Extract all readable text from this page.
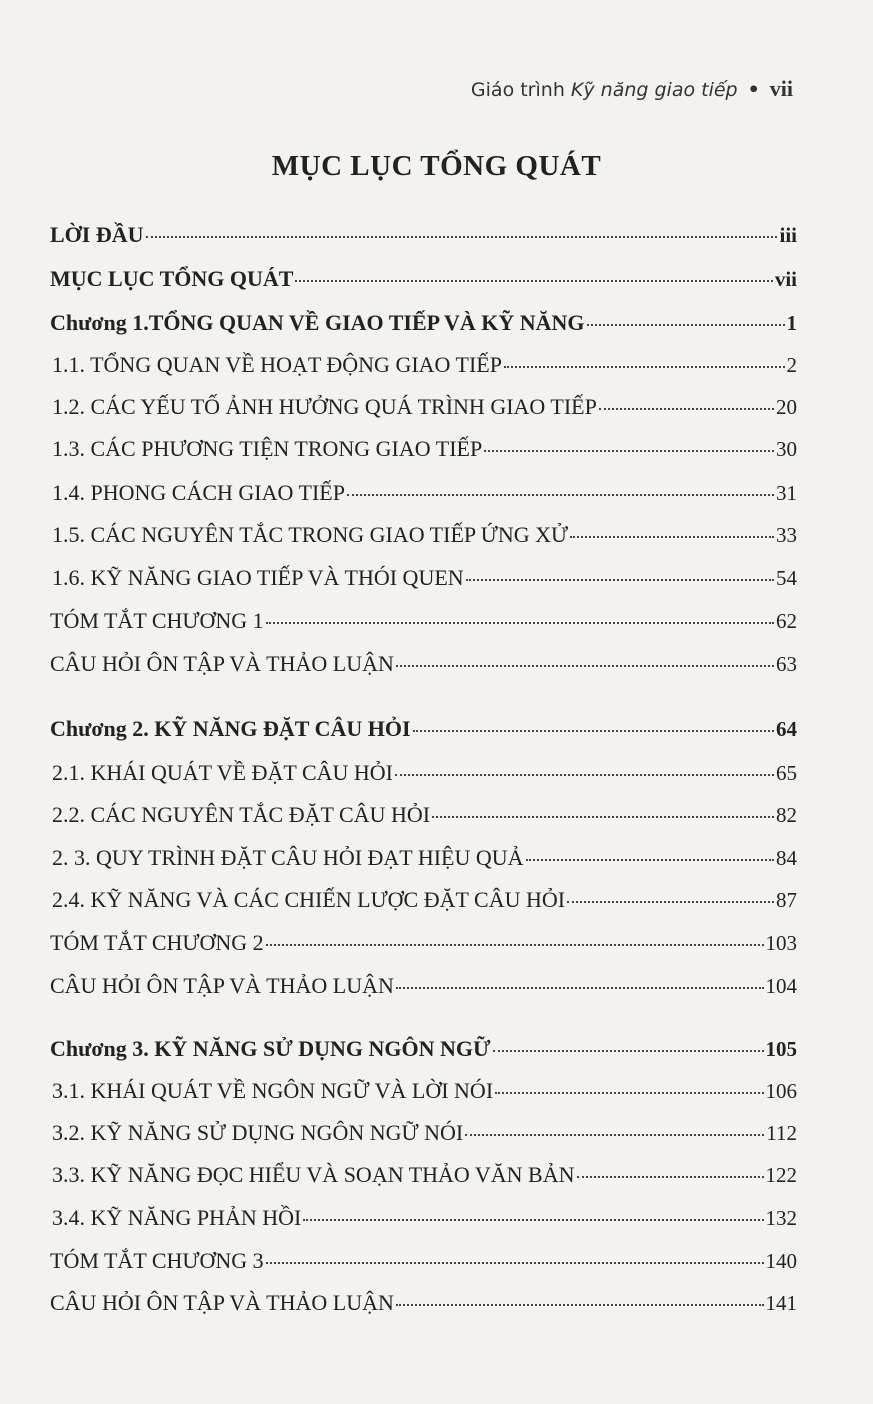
Giáo trình Kỹ năng giao tiếp • vii
MỤC LỤC TỔNG QUÁT
LỜI ĐẦU	iii
MỤC LỤC TỔNG QUÁT	vii
Chương 1.TỔNG QUAN VỀ GIAO TIẾP VÀ KỸ NĂNG	1
1.1. TỔNG QUAN VỀ HOẠT ĐỘNG GIAO TIẾP	2
1.2. CÁC YẾU TỐ ẢNH HƯỞNG QUÁ TRÌNH GIAO TIẾP	20
1.3. CÁC PHƯƠNG TIỆN TRONG GIAO TIẾP	30
1.4. PHONG CÁCH GIAO TIẾP	31
1.5. CÁC NGUYÊN TẮC TRONG GIAO TIẾP ỨNG XỬ	33
1.6. KỸ NĂNG GIAO TIẾP VÀ THÓI QUEN	54
TÓM TẮT CHƯƠNG 1	62
CÂU HỎI ÔN TẬP VÀ THẢO LUẬN	63
Chương 2. KỸ NĂNG ĐẶT CÂU HỎI	64
2.1. KHÁI QUÁT VỀ ĐẶT CÂU HỎI	65
2.2. CÁC NGUYÊN TẮC ĐẶT CÂU HỎI	82
2. 3. QUY TRÌNH ĐẶT CÂU HỎI ĐẠT HIỆU QUẢ	84
2.4. KỸ NĂNG VÀ CÁC CHIẾN LƯỢC ĐẶT CÂU HỎI	87
TÓM TẮT CHƯƠNG 2	103
CÂU HỎI ÔN TẬP VÀ THẢO LUẬN	104
Chương 3. KỸ NĂNG SỬ DỤNG NGÔN NGỮ	105
3.1. KHÁI QUÁT VỀ NGÔN NGỮ VÀ LỜI NÓI	106
3.2. KỸ NĂNG SỬ DỤNG NGÔN NGỮ NÓI	112
3.3. KỸ NĂNG ĐỌC HIỂU VÀ SOẠN THẢO VĂN BẢN	122
3.4. KỸ NĂNG PHẢN HỒI	132
TÓM TẮT CHƯƠNG 3	140
CÂU HỎI ÔN TẬP VÀ THẢO LUẬN	141
